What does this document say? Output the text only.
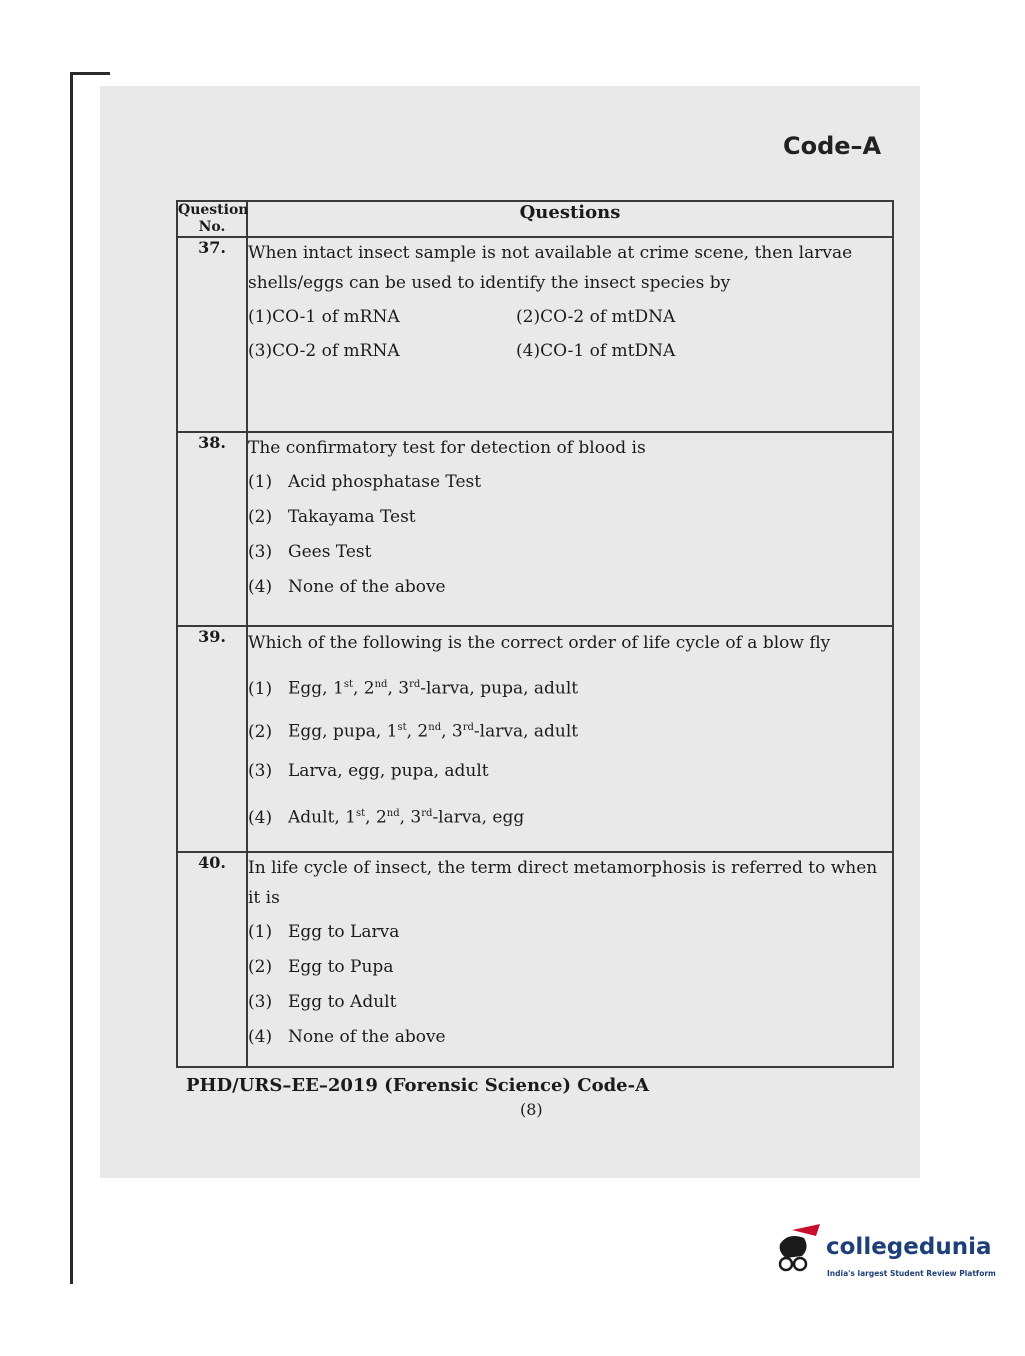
Code–A
Question No.	Questions
37.	When intact insect sample is not available at crime scene, then larvae shells/eggs can be used to identify the insect species by
(1)CO-1 of mRNA (2)CO-2 of mtDNA
(3)CO-2 of mRNA (4)CO-1 of mtDNA

38.	The confirmatory test for detection of blood is
(1) Acid phosphatase Test
(2) Takayama Test
(3) Gees Test
(4) None of the above

39.	Which of the following is the correct order of life cycle of a blow fly
(1) Egg, 1st, 2nd, 3rd-larva, pupa, adult
(2) Egg, pupa, 1st, 2nd, 3rd-larva, adult
(3) Larva, egg, pupa, adult
(4) Adult, 1st, 2nd, 3rd-larva, egg

40.	In life cycle of insect, the term direct metamorphosis is referred to when it is
(1) Egg to Larva
(2) Egg to Pupa
(3) Egg to Adult
(4) None of the above
PHD/URS–EE–2019 (Forensic Science) Code-A
(8)
collegedunia
India's largest Student Review Platform
